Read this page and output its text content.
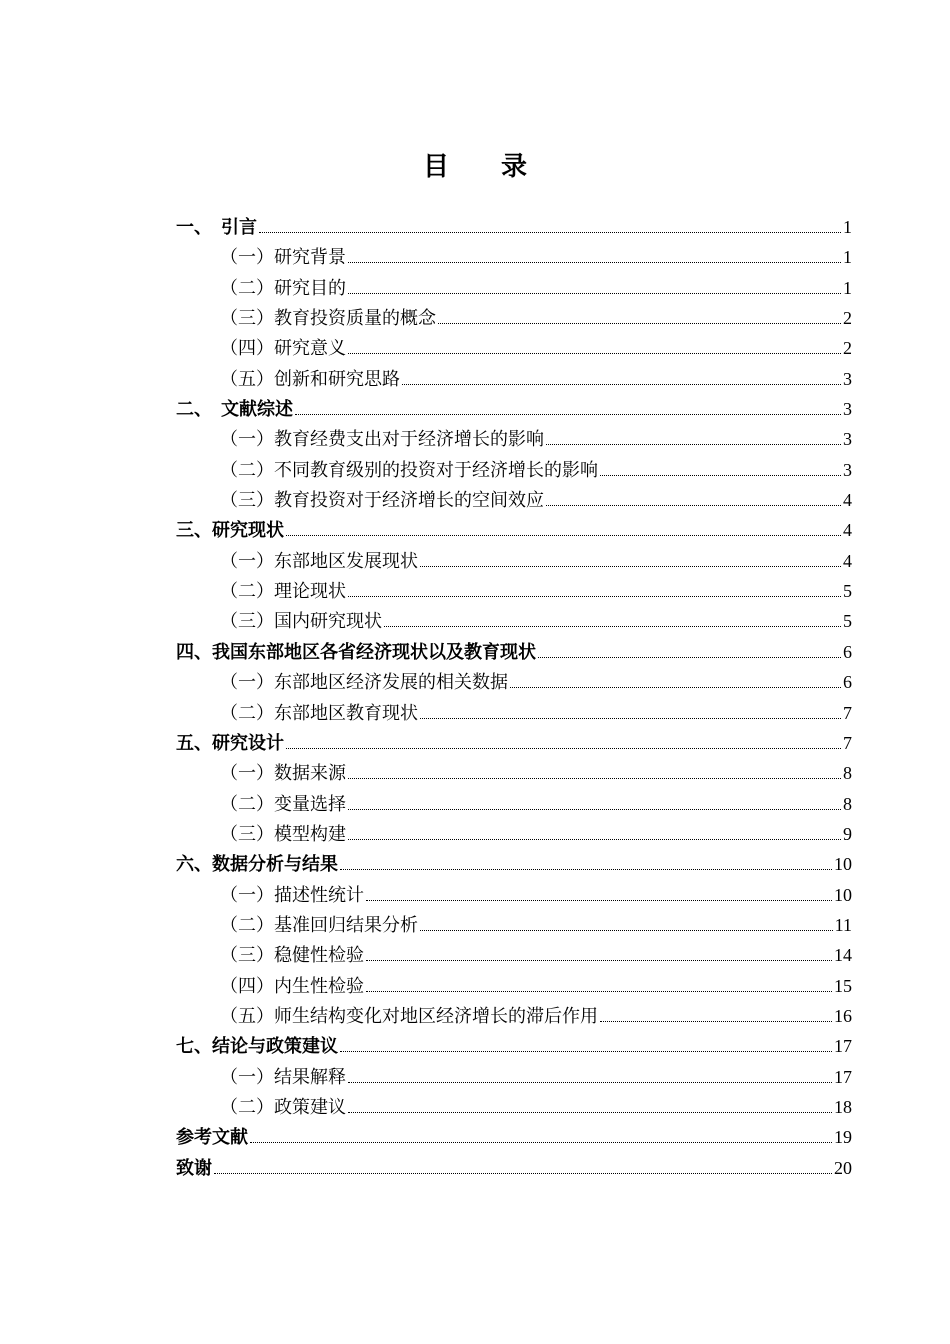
目 录
一、　引言	1
（一）研究背景	1
（二）研究目的	1
（三）教育投资质量的概念	2
（四）研究意义	2
（五）创新和研究思路	3
二、　文献综述	3
（一）教育经费支出对于经济增长的影响	3
（二）不同教育级别的投资对于经济增长的影响	3
（三）教育投资对于经济增长的空间效应	4
三、研究现状	4
（一）东部地区发展现状	4
（二）理论现状	5
（三）国内研究现状	5
四、我国东部地区各省经济现状以及教育现状	6
（一）东部地区经济发展的相关数据	6
（二）东部地区教育现状	7
五、研究设计	7
（一）数据来源	8
（二）变量选择	8
（三）模型构建	9
六、数据分析与结果	10
（一）描述性统计	10
（二）基准回归结果分析	11
（三）稳健性检验	14
（四）内生性检验	15
（五）师生结构变化对地区经济增长的滞后作用	16
七、结论与政策建议	17
（一）结果解释	17
（二）政策建议	18
参考文献	19
致谢	20
